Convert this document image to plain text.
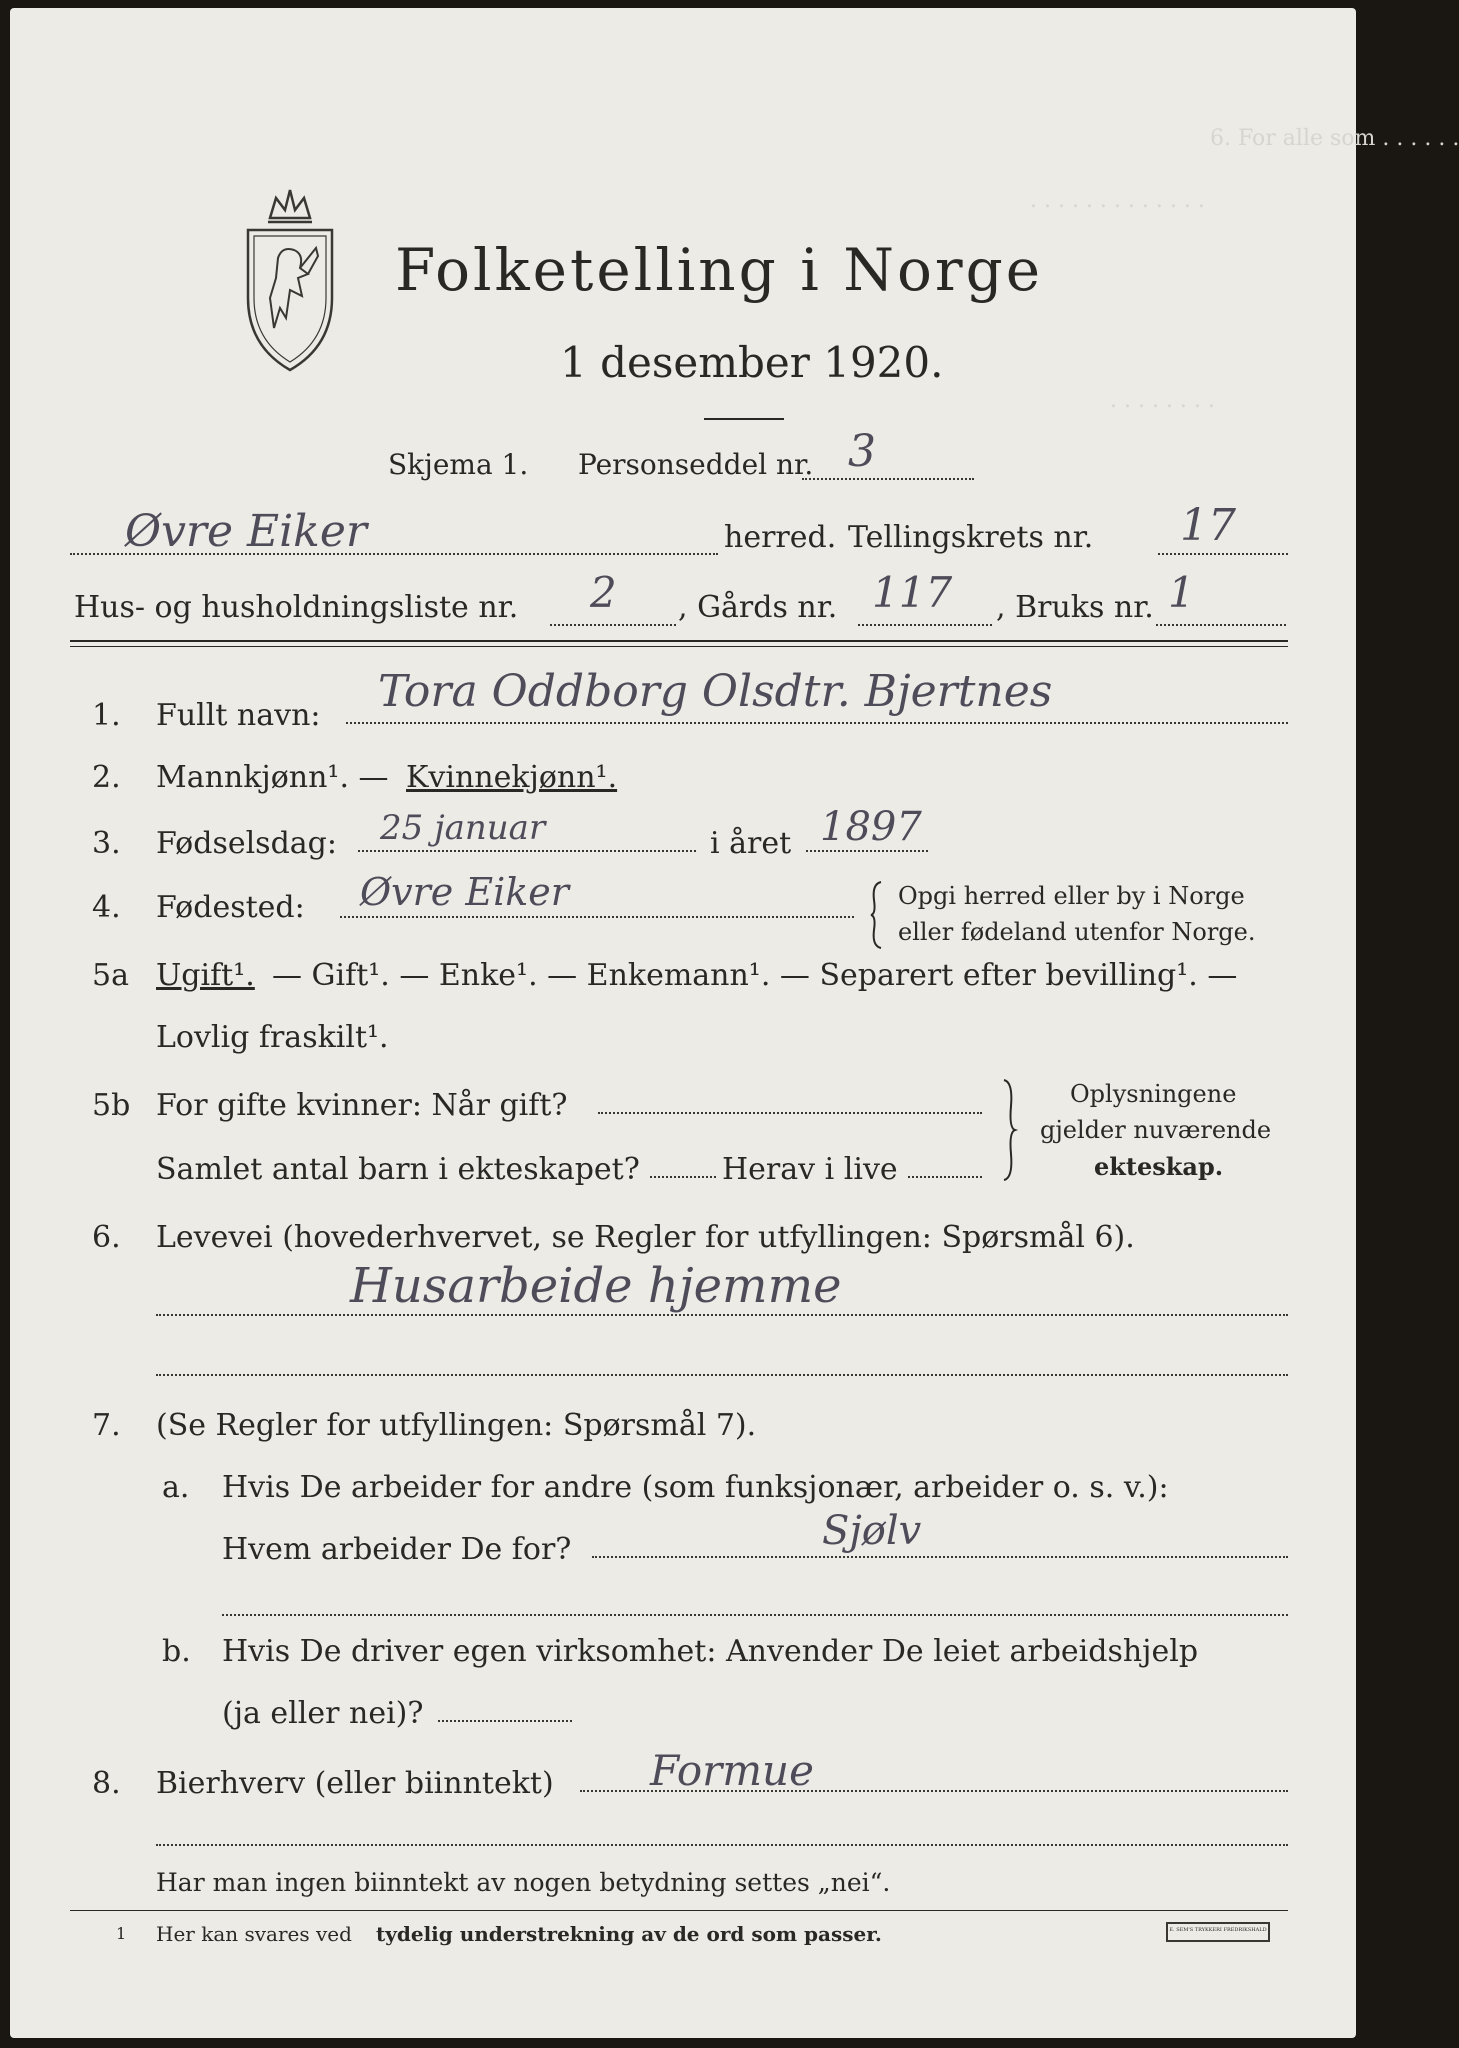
6. For alle som . . . . . .
. . . . . . . . . . . . .
. . . . . . . .
Folketelling i Norge
1 desember 1920.
Skjema 1. Personseddel nr. 3
Øvre Eiker	herred. Tellingskrets nr. 17
Hus- og husholdningsliste nr. 2 , Gårds nr. 117 , Bruks nr. 1
1. Fullt navn: Tora Oddborg Olsdtr. Bjertnes
2. Mannkjønn¹. — Kvinnekjønn¹.
3. Fødselsdag: 25 januar	i året 1897
4. Fødested: Øvre Eiker	Opgi herred eller by i Norge
eller fødeland utenfor Norge.
5a Ugift¹. — Gift¹. — Enke¹. — Enkemann¹. — Separert efter bevilling¹. —
Lovlig fraskilt¹.
5b For gifte kvinner: Når gift?
Samlet antal barn i ekteskapet?	Herav i live
Oplysningene
gjelder nuværende
ekteskap.
6. Levevei (hovederhvervet, se Regler for utfyllingen: Spørsmål 6).
Husarbeide hjemme
7. (Se Regler for utfyllingen: Spørsmål 7).
a. Hvis De arbeider for andre (som funksjonær, arbeider o. s. v.):
Hvem arbeider De for?	Sjølv
b. Hvis De driver egen virksomhet: Anvender De leiet arbeidshjelp
(ja eller nei)?
8. Bierhverv (eller biinntekt) Formue
Har man ingen biinntekt av nogen betydning settes „nei“.
1 Her kan svares ved tydelig understrekning av de ord som passer.	E. SEM'S TRYKKERI FREDRIKSHALD
